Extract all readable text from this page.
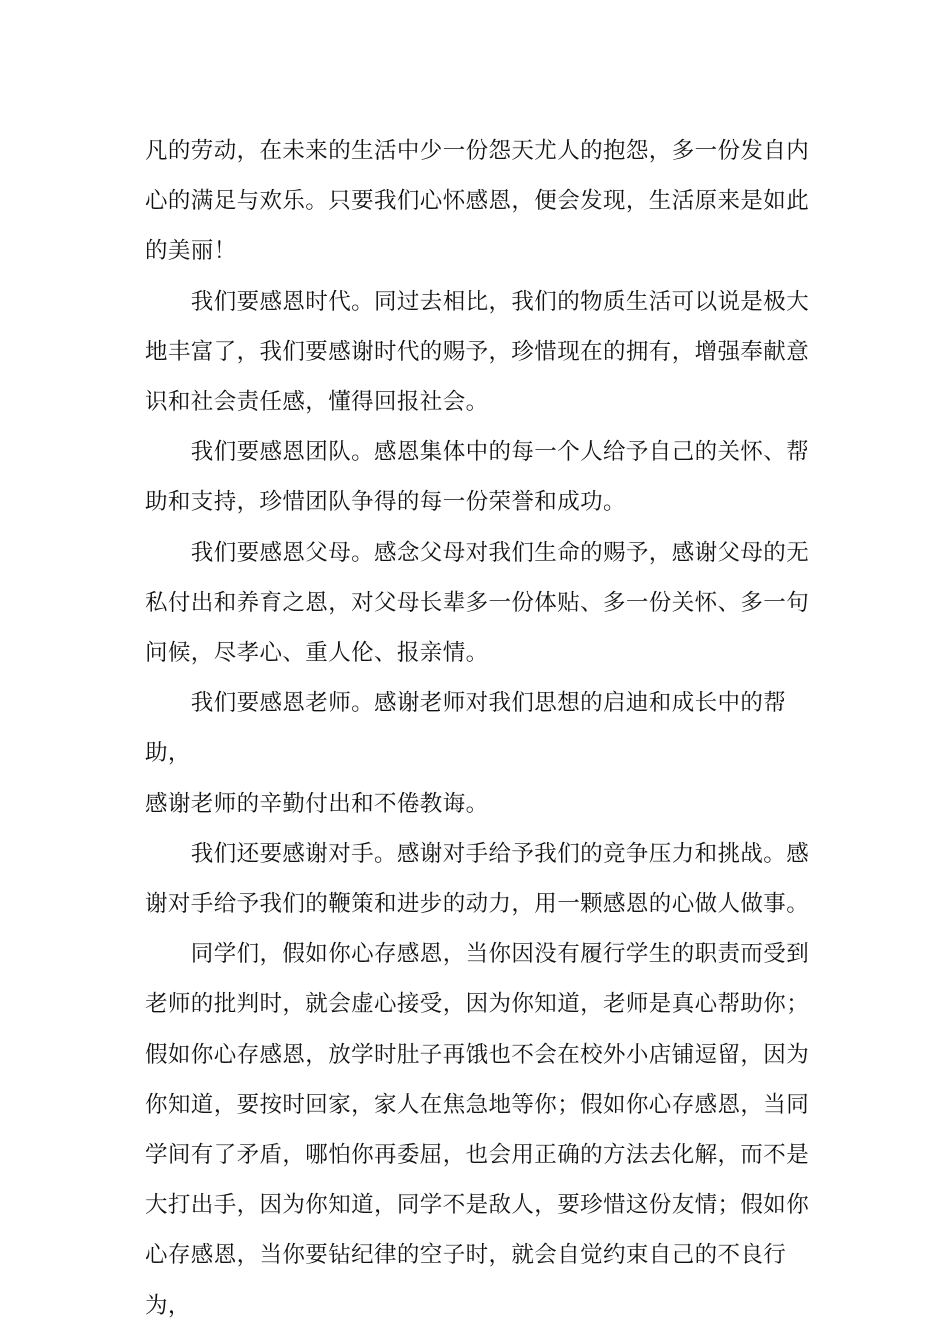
凡的劳动，在未来的生活中少一份怨天尤人的抱怨，多一份发自内
心的满足与欢乐。只要我们心怀感恩，便会发现，生活原来是如此
的美丽！

　　我们要感恩时代。同过去相比，我们的物质生活可以说是极大
地丰富了，我们要感谢时代的赐予，珍惜现在的拥有，增强奉献意
识和社会责任感，懂得回报社会。

　　我们要感恩团队。感恩集体中的每一个人给予自己的关怀、帮
助和支持，珍惜团队争得的每一份荣誉和成功。

　　我们要感恩父母。感念父母对我们生命的赐予，感谢父母的无
私付出和养育之恩，对父母长辈多一份体贴、多一份关怀、多一句
问候，尽孝心、重人伦、报亲情。

　　我们要感恩老师。感谢老师对我们思想的启迪和成长中的帮助，
感谢老师的辛勤付出和不倦教诲。

　　我们还要感谢对手。感谢对手给予我们的竞争压力和挑战。感
谢对手给予我们的鞭策和进步的动力，用一颗感恩的心做人做事。

　　同学们，假如你心存感恩，当你因没有履行学生的职责而受到
老师的批判时，就会虚心接受，因为你知道，老师是真心帮助你；
假如你心存感恩，放学时肚子再饿也不会在校外小店铺逗留，因为
你知道，要按时回家，家人在焦急地等你；假如你心存感恩，当同
学间有了矛盾，哪怕你再委屈，也会用正确的方法去化解，而不是
大打出手，因为你知道，同学不是敌人，要珍惜这份友情；假如你
心存感恩，当你要钻纪律的空子时，就会自觉约束自己的不良行为，
